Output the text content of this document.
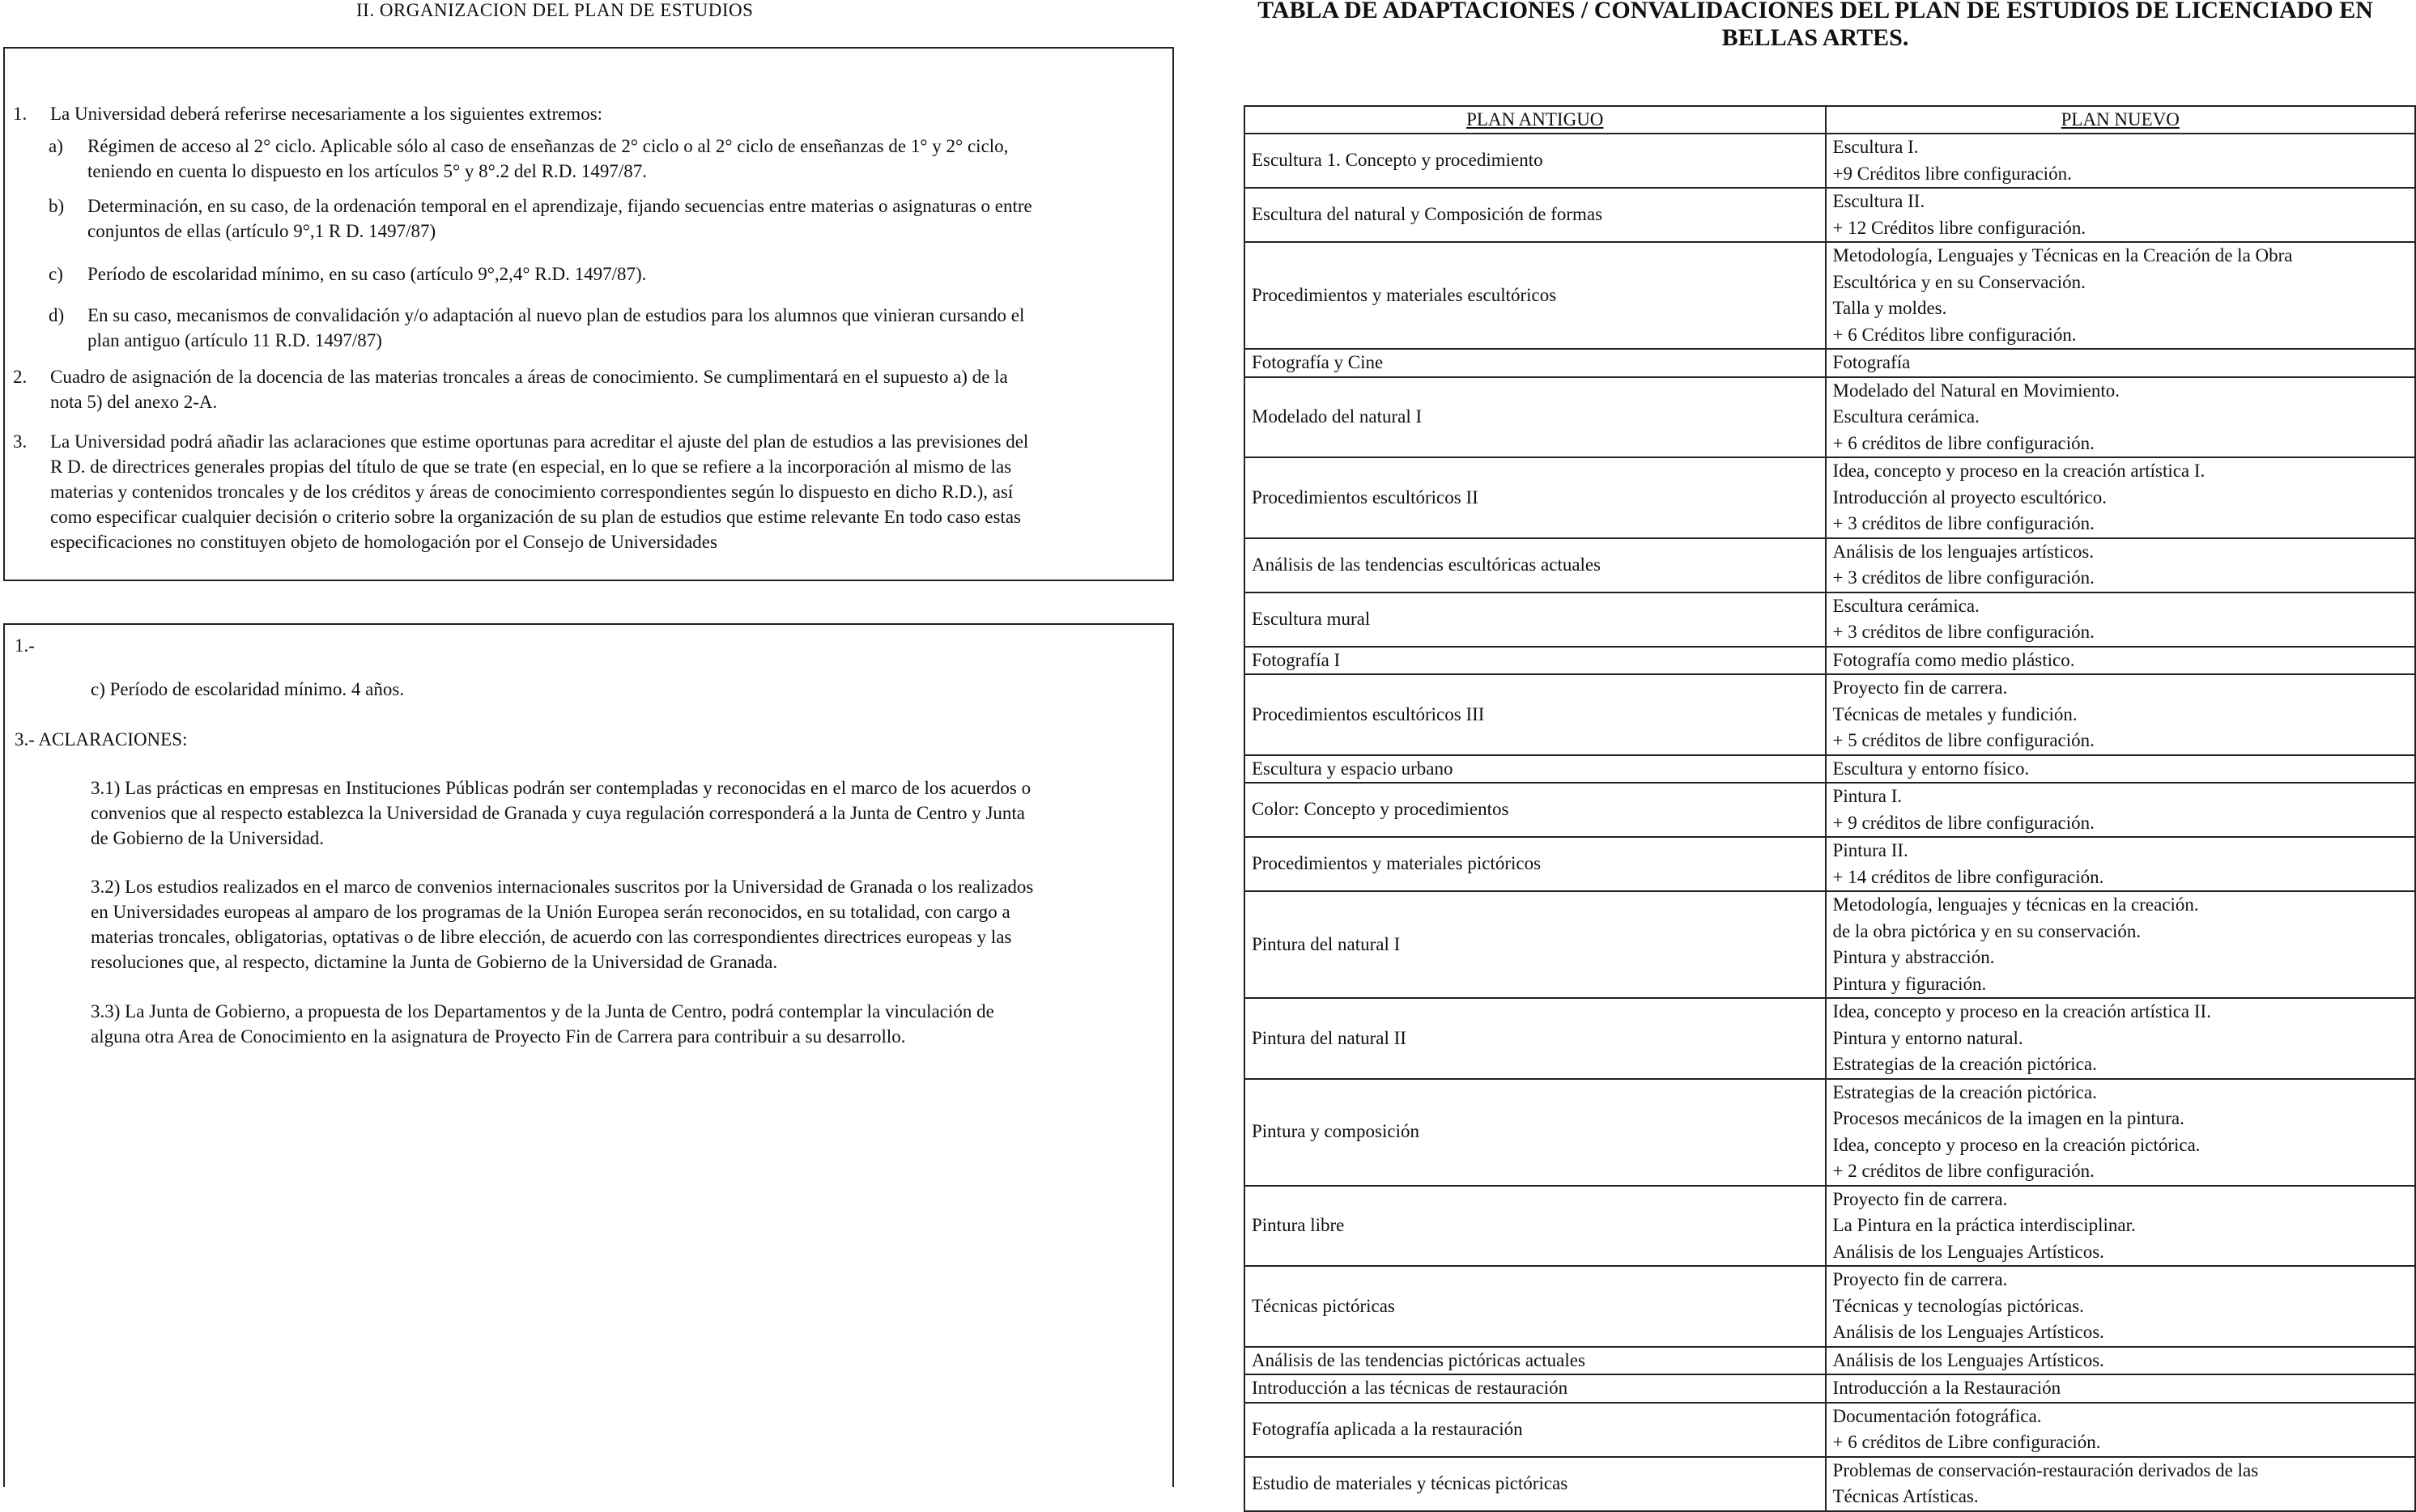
II. ORGANIZACION DEL PLAN DE ESTUDIOS
1. La Universidad deberá referirse necesariamente a los siguientes extremos:
a) Régimen de acceso al 2° ciclo. Aplicable sólo al caso de enseñanzas de 2° ciclo o al 2° ciclo de enseñanzas de 1° y 2° ciclo,
teniendo en cuenta lo dispuesto en los artículos 5° y 8°.2 del R.D. 1497/87.
b) Determinación, en su caso, de la ordenación temporal en el aprendizaje, fijando secuencias entre materias o asignaturas o entre
conjuntos de ellas (artículo 9°,1 R D. 1497/87)
c) Período de escolaridad mínimo, en su caso (artículo 9°,2,4° R.D. 1497/87).
d) En su caso, mecanismos de convalidación y/o adaptación al nuevo plan de estudios para los alumnos que vinieran cursando el
plan antiguo (artículo 11 R.D. 1497/87)
2. Cuadro de asignación de la docencia de las materias troncales a áreas de conocimiento. Se cumplimentará en el supuesto a) de la
nota 5) del anexo 2-A.
3. La Universidad podrá añadir las aclaraciones que estime oportunas para acreditar el ajuste del plan de estudios a las previsiones del
R D. de directrices generales propias del título de que se trate (en especial, en lo que se refiere a la incorporación al mismo de las
materias y contenidos troncales y de los créditos y áreas de conocimiento correspondientes según lo dispuesto en dicho R.D.), así
como especificar cualquier decisión o criterio sobre la organización de su plan de estudios que estime relevante En todo caso estas
especificaciones no constituyen objeto de homologación por el Consejo de Universidades
1.-
c) Período de escolaridad mínimo. 4 años.
3.- ACLARACIONES:
3.1) Las prácticas en empresas en Instituciones Públicas podrán ser contempladas y reconocidas en el marco de los acuerdos o
convenios que al respecto establezca la Universidad de Granada y cuya regulación corresponderá a la Junta de Centro y Junta
de Gobierno de la Universidad.
3.2) Los estudios realizados en el marco de convenios internacionales suscritos por la Universidad de Granada o los realizados
en Universidades europeas al amparo de los programas de la Unión Europea serán reconocidos, en su totalidad, con cargo a
materias troncales, obligatorias, optativas o de libre elección, de acuerdo con las correspondientes directrices europeas y las
resoluciones que, al respecto, dictamine la Junta de Gobierno de la Universidad de Granada.
3.3) La Junta de Gobierno, a propuesta de los Departamentos y de la Junta de Centro, podrá contemplar la vinculación de
alguna otra Area de Conocimiento en la asignatura de Proyecto Fin de Carrera para contribuir a su desarrollo.
TABLA DE ADAPTACIONES / CONVALIDACIONES DEL PLAN DE ESTUDIOS DE LICENCIADO EN
BELLAS ARTES.
PLAN ANTIGUO	PLAN NUEVO
Escultura 1. Concepto y procedimiento	Escultura I.
+9 Créditos libre configuración.

Escultura del natural y Composición de formas	Escultura II.
+ 12 Créditos libre configuración.

Procedimientos y materiales escultóricos	Metodología, Lenguajes y Técnicas en la Creación de la Obra
Escultórica y en su Conservación.
Talla y moldes.
+ 6 Créditos libre configuración.

Fotografía y Cine	Fotografía

Modelado del natural I	Modelado del Natural en Movimiento.
Escultura cerámica.
+ 6 créditos de libre configuración.

Procedimientos escultóricos II	Idea, concepto y proceso en la creación artística I.
Introducción al proyecto escultórico.
+ 3 créditos de libre configuración.

Análisis de las tendencias escultóricas actuales	Análisis de los lenguajes artísticos.
+ 3 créditos de libre configuración.

Escultura mural	Escultura cerámica.
+ 3 créditos de libre configuración.

Fotografía I	Fotografía como medio plástico.

Procedimientos escultóricos III	Proyecto fin de carrera.
Técnicas de metales y fundición.
+ 5 créditos de libre configuración.

Escultura y espacio urbano	Escultura y entorno físico.

Color: Concepto y procedimientos	Pintura I.
+ 9 créditos de libre configuración.

Procedimientos y materiales pictóricos	Pintura II.
+ 14 créditos de libre configuración.

Pintura del natural I	Metodología, lenguajes y técnicas en la creación.
de la obra pictórica y en su conservación.
Pintura y abstracción.
Pintura y figuración.

Pintura del natural II	Idea, concepto y proceso en la creación artística II.
Pintura y entorno natural.
Estrategias de la creación pictórica.

Pintura y composición	Estrategias de la creación pictórica.
Procesos mecánicos de la imagen en la pintura.
Idea, concepto y proceso en la creación pictórica.
+ 2 créditos de libre configuración.

Pintura libre	Proyecto fin de carrera.
La Pintura en la práctica interdisciplinar.
Análisis de los Lenguajes Artísticos.

Técnicas pictóricas	Proyecto fin de carrera.
Técnicas y tecnologías pictóricas.
Análisis de los Lenguajes Artísticos.

Análisis de las tendencias pictóricas actuales	Análisis de los Lenguajes Artísticos.

Introducción a las técnicas de restauración	Introducción a la Restauración

Fotografía aplicada a la restauración	Documentación fotográfica.
+ 6 créditos de Libre configuración.

Estudio de materiales y técnicas pictóricas	Problemas de conservación-restauración derivados de las
Técnicas Artísticas.
